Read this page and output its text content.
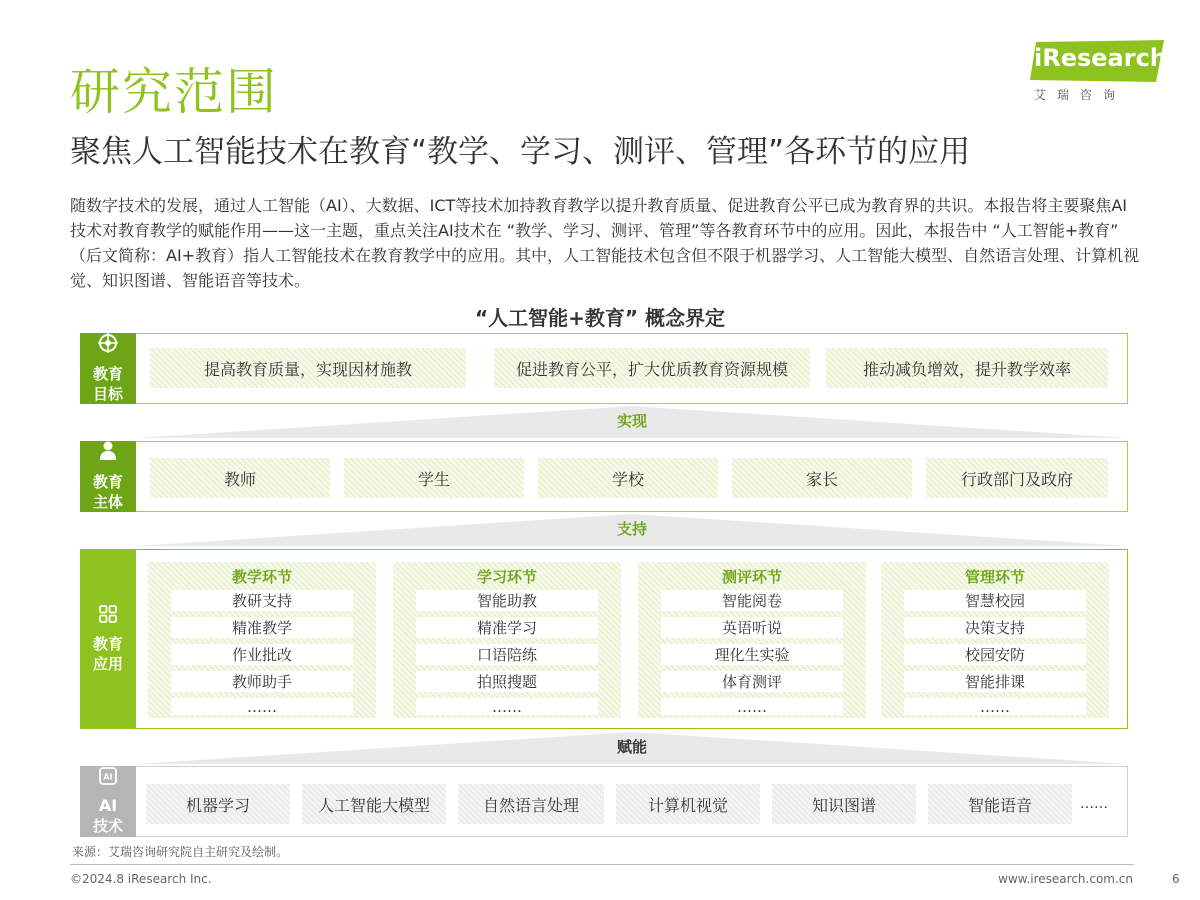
研究范围
聚焦人工智能技术在教育“教学、学习、测评、管理”各环节的应用
iResearch
艾瑞咨询
随数字技术的发展，通过人工智能（AI）、大数据、ICT等技术加持教育教学以提升教育质量、促进教育公平已成为教育界的共识。本报告将主要聚焦AI技术对教育教学的赋能作用——这一主题，重点关注AI技术在 “教学、学习、测评、管理”等各教育环节中的应用。因此，本报告中 “人工智能+教育” （后文简称：AI+教育）指人工智能技术在教育教学中的应用。其中，人工智能技术包含但不限于机器学习、人工智能大模型、自然语言处理、计算机视觉、知识图谱、智能语音等技术。
“人工智能+教育” 概念界定
教育
目标
提高教育质量，实现因材施教	促进教育公平，扩大优质教育资源规模	推动减负增效，提升教学效率
实现
教育
主体
教师	学生	学校	家长	行政部门及政府
支持
教育
应用
教学环节
教研支持
精准教学
作业批改
教师助手
……
学习环节
智能助教
精准学习
口语陪练
拍照搜题
……
测评环节
智能阅卷
英语听说
理化生实验
体育测评
……
管理环节
智慧校园
决策支持
校园安防
智能排课
……
赋能
AI
AI
技术
机器学习	人工智能大模型	自然语言处理	计算机视觉	知识图谱	智能语音	……
来源：艾瑞咨询研究院自主研究及绘制。
©2024.8 iResearch Inc.	www.iresearch.com.cn	6
